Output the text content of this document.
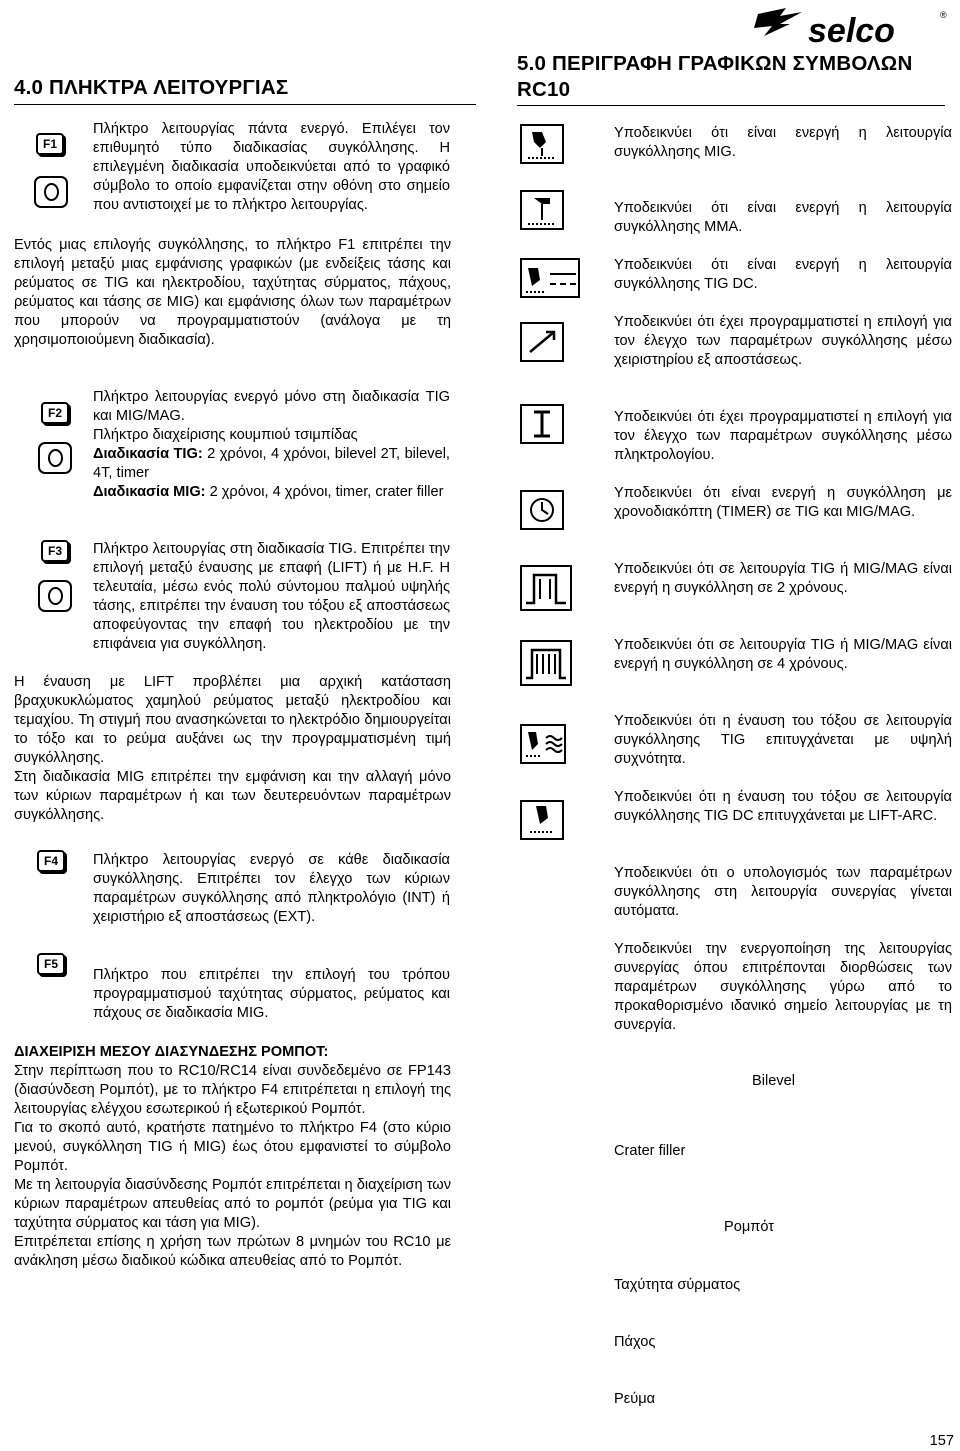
4.0 ΠΛΗΚΤΡΑ ΛΕΙΤΟΥΡΓΙΑΣ
5.0 ΠΕΡΙΓΡΑΦΗ ΓΡΑΦΙΚΩΝ ΣΥΜΒΟΛΩΝ
RC10
selco	®
F1
Πλήκτρο λειτουργίας πάντα ενεργό. Επιλέγει τον επιθυμητό τύπο διαδικασίας συγκόλλησης. Η επιλεγμένη διαδικασία υποδεικνύεται από το γραφικό σύμβολο το οποίο εμφανίζεται στην οθόνη στο σημείο που αντιστοιχεί με το πλήκτρο λειτουργίας.
Εντός μιας επιλογής συγκόλλησης, το πλήκτρο F1 επιτρέπει την επιλογή μεταξύ μιας εμφάνισης γραφικών (με ενδείξεις τάσης και ρεύματος σε TIG και ηλεκτροδίου, ταχύτητας σύρματος, πάχους, ρεύματος και τάσης σε MIG) και εμφάνισης όλων των παραμέτρων που μπορούν να προγραμματιστούν (ανάλογα με τη χρησιμοποιούμενη διαδικασία).
F2

Πλήκτρο λειτουργίας ενεργό μόνο στη διαδικασία TIG και MIG/MAG.

Πλήκτρο διαχείρισης κουμπιού τσιμπίδας

Διαδικασία TIG: 2 χρόνοι, 4 χρόνοι, bilevel 2T, bilevel, 4T, timer

Διαδικασία MIG: 2 χρόνοι, 4 χρόνοι, timer, crater filler

F3	Πλήκτρο λειτουργίας στη διαδικασία TIG. Επιτρέπει την επιλογή μεταξύ έναυσης με επαφή (LIFT) ή με H.F. Η τελευταία, μέσω ενός πολύ σύντομου παλμού υψηλής τάσης, επιτρέπει την έναυση του τόξου εξ αποστάσεως αποφεύγοντας την επαφή του ηλεκτροδίου με την επιφάνεια για συγκόλληση.
Η έναυση με LIFT προβλέπει μια αρχική κατάσταση βραχυκυκλώματος χαμηλού ρεύματος μεταξύ ηλεκτροδίου και τεμαχίου. Τη στιγμή που ανασηκώνεται το ηλεκτρόδιο δημιουργείται το τόξο και το ρεύμα αυξάνει ως την προγραμματισμένη τιμή συγκόλλησης.
Στη διαδικασία MIG επιτρέπει την εμφάνιση και την αλλαγή μόνο των κύριων παραμέτρων ή και των δευτερευόντων παραμέτρων συγκόλλησης.
F4	Πλήκτρο λειτουργίας ενεργό σε κάθε διαδικασία συγκόλλησης. Επιτρέπει τον έλεγχο των κύριων παραμέτρων συγκόλλησης από πληκτρολόγιο (INT) ή χειριστήριο εξ αποστάσεως (EXT).
F5
Πλήκτρο που επιτρέπει την επιλογή του τρόπου προγραμματισμού ταχύτητας σύρματος, ρεύματος και πάχους σε διαδικασία MIG.
ΔΙΑΧΕΙΡΙΣΗ ΜΕΣΟΥ ΔΙΑΣΥΝΔΕΣΗΣ ΡΟΜΠΟΤ:

Στην περίπτωση που το RC10/RC14 είναι συνδεδεμένο σε FP143 (διασύνδεση Ρομπότ), με το πλήκτρο F4 επιτρέπεται η επιλογή της λειτουργίας ελέγχου εσωτερικού ή εξωτερικού Ρομπότ.

Για το σκοπό αυτό, κρατήστε πατημένο το πλήκτρο F4 (στο κύριο μενού, συγκόλληση TIG ή MIG) έως ότου εμφανιστεί το σύμβολο Ρομπότ.

Με τη λειτουργία διασύνδεσης Ρομπότ επιτρέπεται η διαχείριση των κύριων παραμέτρων απευθείας από το ρομπότ (ρεύμα για TIG και ταχύτητα σύρματος και τάση για MIG).

Επιτρέπεται επίσης η χρήση των πρώτων 8 μνημών του RC10 με ανάκληση μέσω διαδικού κώδικα απευθείας από το Ρομπότ.

Υποδεικνύει ότι είναι ενεργή η λειτουργία συγκόλλησης MIG.
Υποδεικνύει ότι είναι ενεργή η λειτουργία συγκόλλησης MMA.
Υποδεικνύει ότι είναι ενεργή η λειτουργία συγκόλλησης TIG DC.
Υποδεικνύει ότι έχει προγραμματιστεί η επιλογή για τον έλεγχο των παραμέτρων συγκόλλησης μέσω χειριστηρίου εξ αποστάσεως.
Υποδεικνύει ότι έχει προγραμματιστεί η επιλογή για τον έλεγχο των παραμέτρων συγκόλλησης μέσω πληκτρολογίου.
Υποδεικνύει ότι είναι ενεργή η συγκόλληση με χρονοδιακόπτη (TIMER) σε TIG και MIG/MAG.
Υποδεικνύει ότι σε λειτουργία TIG ή MIG/MAG είναι ενεργή η συγκόλληση σε 2 χρόνους.
Υποδεικνύει ότι σε λειτουργία TIG ή MIG/MAG είναι ενεργή η συγκόλληση σε 4 χρόνους.
Υποδεικνύει ότι η έναυση του τόξου σε λειτουργία συγκόλλησης TIG επιτυγχάνεται με υψηλή συχνότητα.
Υποδεικνύει ότι η έναυση του τόξου σε λειτουργία συγκόλλησης TIG DC επιτυγχάνεται με LIFT-ARC.
Υποδεικνύει ότι ο υπολογισμός των παραμέτρων συγκόλλησης στη λειτουργία συνεργίας γίνεται αυτόματα.
Υποδεικνύει την ενεργοποίηση της λειτουργίας συνεργίας όπου επιτρέπονται διορθώσεις των παραμέτρων συγκόλλησης γύρω από το προκαθορισμένο ιδανικό σημείο λειτουργίας με τη συνεργία.
Bilevel
Crater filler
Ρομπότ
Ταχύτητα σύρματος
Πάχος
Ρεύμα
157
